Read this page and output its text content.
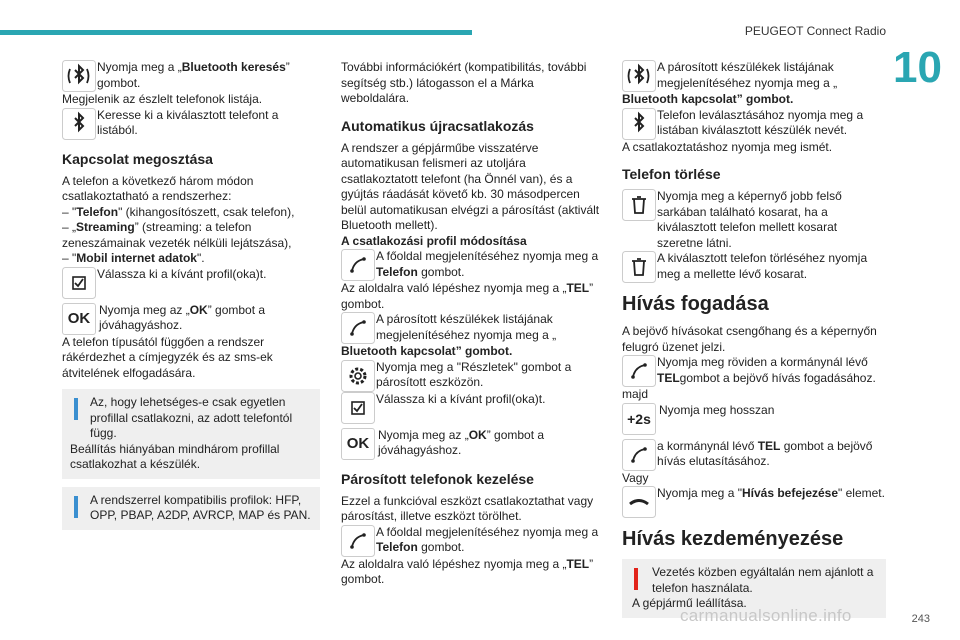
PEUGEOT Connect Radio
10

Nyomja meg a „Bluetooth keresés” gombot.

Megjelenik az észlelt telefonok listája.

Keresse ki a kiválasztott telefont a listából.

Kapcsolat megosztása

A telefon a következő három módon csatlakoztatható a rendszerhez:

– "Telefon" (kihangosítószett, csak telefon),

– „Streaming” (streaming: a telefon zeneszámainak vezeték nélküli lejátszása),

– "Mobil internet adatok".

Válassza ki a kívánt profil(oka)t.

OK Nyomja meg az „OK” gombot a jóváhagyáshoz.

A telefon típusától függően a rendszer rákérdezhet a címjegyzék és az sms-ek átvitelének elfogadására.

Az, hogy lehetséges-e csak egyetlen profillal csatlakozni, az adott telefontól függ.

Beállítás hiányában mindhárom profillal csatlakozhat a készülék.

A rendszerrel kompatibilis profilok: HFP, OPP, PBAP, A2DP, AVRCP, MAP és PAN.

További információkért (kompatibilitás, további segítség stb.) látogasson el a Márka weboldalára.

Automatikus újracsatlakozás

A rendszer a gépjárműbe visszatérve automatikusan felismeri az utoljára csatlakoztatott telefont (ha Önnél van), és a gyújtás ráadását követő kb. 30 másodpercen belül automatikusan elvégzi a párosítást (aktivált Bluetooth mellett).

A csatlakozási profil módosítása

A főoldal megjelenítéséhez nyomja meg a Telefon gombot.

Az aloldalra való lépéshez nyomja meg a „TEL” gombot.

A párosított készülékek listájának megjelenítéséhez nyomja meg a „

Bluetooth kapcsolat” gombot.

Nyomja meg a "Részletek" gombot a párosított eszközön.

Válassza ki a kívánt profil(oka)t.

OK Nyomja meg az „OK” gombot a jóváhagyáshoz.

Párosított telefonok kezelése

Ezzel a funkcióval eszközt csatlakoztathat vagy párosítást, illetve eszközt törölhet.

A főoldal megjelenítéséhez nyomja meg a Telefon gombot.

Az aloldalra való lépéshez nyomja meg a „TEL” gombot.

A párosított készülékek listájának megjelenítéséhez nyomja meg a „

Bluetooth kapcsolat” gombot.

Telefon leválasztásához nyomja meg a listában kiválasztott készülék nevét.

A csatlakoztatáshoz nyomja meg ismét.

Telefon törlése

Nyomja meg a képernyő jobb felső sarkában található kosarat, ha a kiválasztott telefon mellett kosarat szeretne látni.

A kiválasztott telefon törléséhez nyomja meg a mellette lévő kosarat.

Hívás fogadása

A bejövő hívásokat csengőhang és a képernyőn felugró üzenet jelzi.

Nyomja meg röviden a kormánynál lévő TELgombot a bejövő hívás fogadásához.

majd

+2s

Nyomja meg hosszan

a kormánynál lévő TEL gombot a bejövő hívás elutasításához.

Vagy

Nyomja meg a "Hívás befejezése" elemet.

Hívás kezdeményezése

Vezetés közben egyáltalán nem ajánlott a telefon használata.

A gépjármű leállítása.

carmanualsonline.info	243
